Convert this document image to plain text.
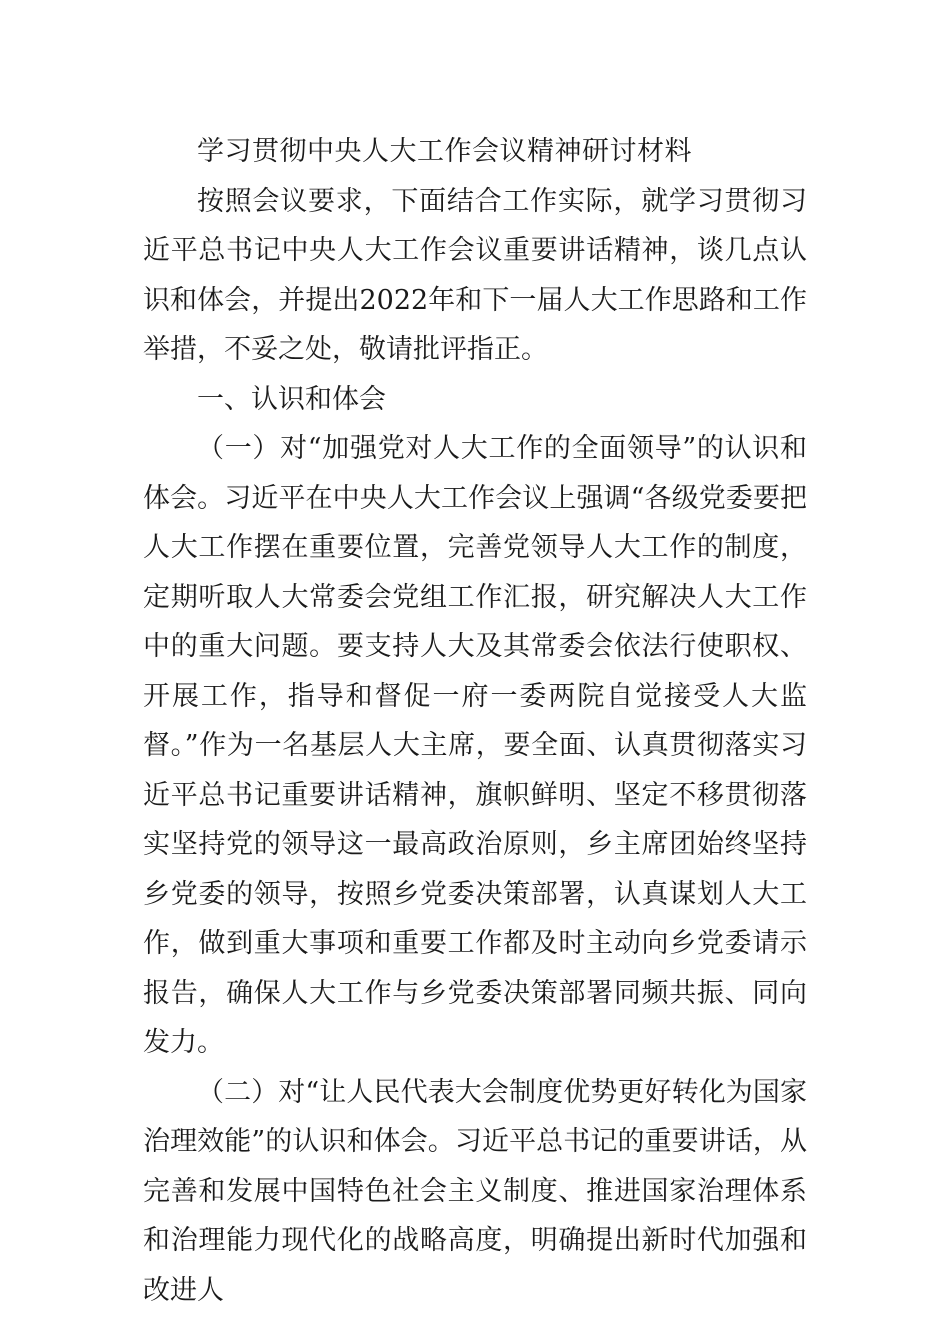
学习贯彻中央人大工作会议精神研讨材料

按照会议要求，下面结合工作实际，就学习贯彻习近平总书记中央人大工作会议重要讲话精神，谈几点认识和体会，并提出2022年和下一届人大工作思路和工作举措，不妥之处，敬请批评指正。

一、认识和体会

（一）对“加强党对人大工作的全面领导”的认识和体会。习近平在中央人大工作会议上强调“各级党委要把人大工作摆在重要位置，完善党领导人大工作的制度，定期听取人大常委会党组工作汇报，研究解决人大工作中的重大问题。要支持人大及其常委会依法行使职权、开展工作，指导和督促一府一委两院自觉接受人大监督。”作为一名基层人大主席，要全面、认真贯彻落实习近平总书记重要讲话精神，旗帜鲜明、坚定不移贯彻落实坚持党的领导这一最高政治原则，乡主席团始终坚持乡党委的领导，按照乡党委决策部署，认真谋划人大工作，做到重大事项和重要工作都及时主动向乡党委请示报告，确保人大工作与乡党委决策部署同频共振、同向发力。

（二）对“让人民代表大会制度优势更好转化为国家治理效能”的认识和体会。习近平总书记的重要讲话，从完善和发展中国特色社会主义制度、推进国家治理体系和治理能力现代化的战略高度，明确提出新时代加强和改进人
